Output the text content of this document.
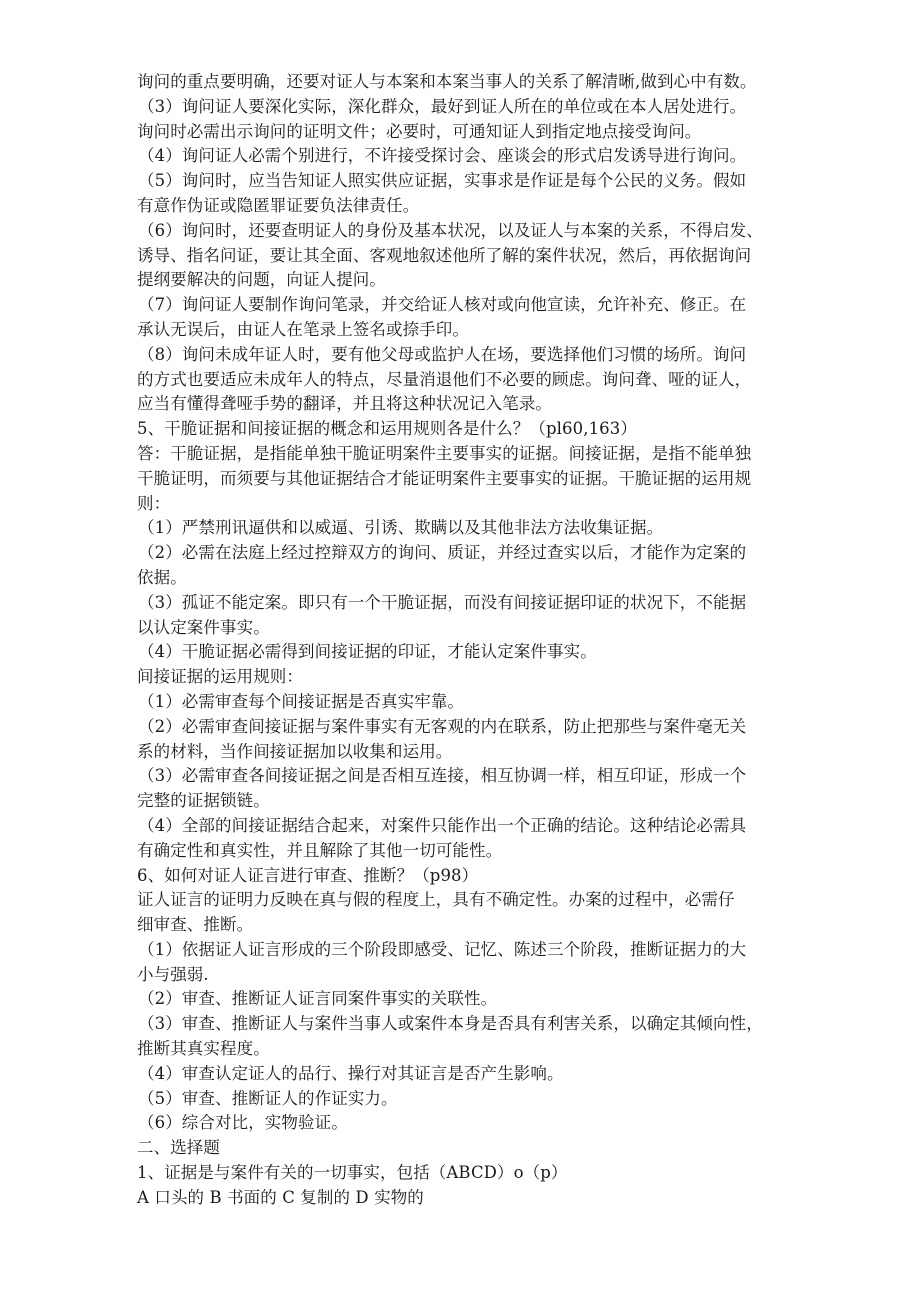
询问的重点要明确，还要对证人与本案和本案当事人的关系了解清晰,做到心中有数。
（3）询问证人要深化实际，深化群众，最好到证人所在的单位或在本人居处进行。
询问时必需出示询问的证明文件；必要时，可通知证人到指定地点接受询问。
（4）询问证人必需个别进行，不许接受探讨会、座谈会的形式启发诱导进行询问。
（5）询问时，应当告知证人照实供应证据，实事求是作证是每个公民的义务。假如
有意作伪证或隐匿罪证要负法律责任。
（6）询问时，还要查明证人的身份及基本状况，以及证人与本案的关系，不得启发、
诱导、指名问证，要让其全面、客观地叙述他所了解的案件状况，然后，再依据询问
提纲要解决的问题，向证人提问。
（7）询问证人要制作询问笔录，并交给证人核对或向他宣读，允许补充、修正。在
承认无误后，由证人在笔录上签名或捺手印。
（8）询问未成年证人时，要有他父母或监护人在场，要选择他们习惯的场所。询问
的方式也要适应未成年人的特点，尽量消退他们不必要的顾虑。询问聋、哑的证人，
应当有懂得聋哑手势的翻译，并且将这种状况记入笔录。
5、干脆证据和间接证据的概念和运用规则各是什么？（pl60,163）
答：干脆证据，是指能单独干脆证明案件主要事实的证据。间接证据，是指不能单独
干脆证明，而须要与其他证据结合才能证明案件主要事实的证据。干脆证据的运用规
则：
（1）严禁刑讯逼供和以威逼、引诱、欺瞒以及其他非法方法收集证据。
（2）必需在法庭上经过控辩双方的询问、质证，并经过查实以后，才能作为定案的
依据。
（3）孤证不能定案。即只有一个干脆证据，而没有间接证据印证的状况下，不能据
以认定案件事实。
（4）干脆证据必需得到间接证据的印证，才能认定案件事实。
间接证据的运用规则：
（1）必需审查每个间接证据是否真实牢靠。
（2）必需审查间接证据与案件事实有无客观的内在联系，防止把那些与案件毫无关
系的材料，当作间接证据加以收集和运用。
（3）必需审查各间接证据之间是否相互连接，相互协调一样，相互印证，形成一个
完整的证据锁链。
（4）全部的间接证据结合起来，对案件只能作出一个正确的结论。这种结论必需具
有确定性和真实性，并且解除了其他一切可能性。
6、如何对证人证言进行审查、推断？（p98）
证人证言的证明力反映在真与假的程度上，具有不确定性。办案的过程中，必需仔
细审查、推断。
（1）依据证人证言形成的三个阶段即感受、记忆、陈述三个阶段，推断证据力的大
小与强弱.
（2）审查、推断证人证言同案件事实的关联性。
（3）审查、推断证人与案件当事人或案件本身是否具有利害关系，以确定其倾向性，
推断其真实程度。
（4）审查认定证人的品行、操行对其证言是否产生影响。
（5）审查、推断证人的作证实力。
（6）综合对比，实物验证。
二、选择题
1、证据是与案件有关的一切事实，包括（ABCD）o（p）
A 口头的 B 书面的 C 复制的 D 实物的
